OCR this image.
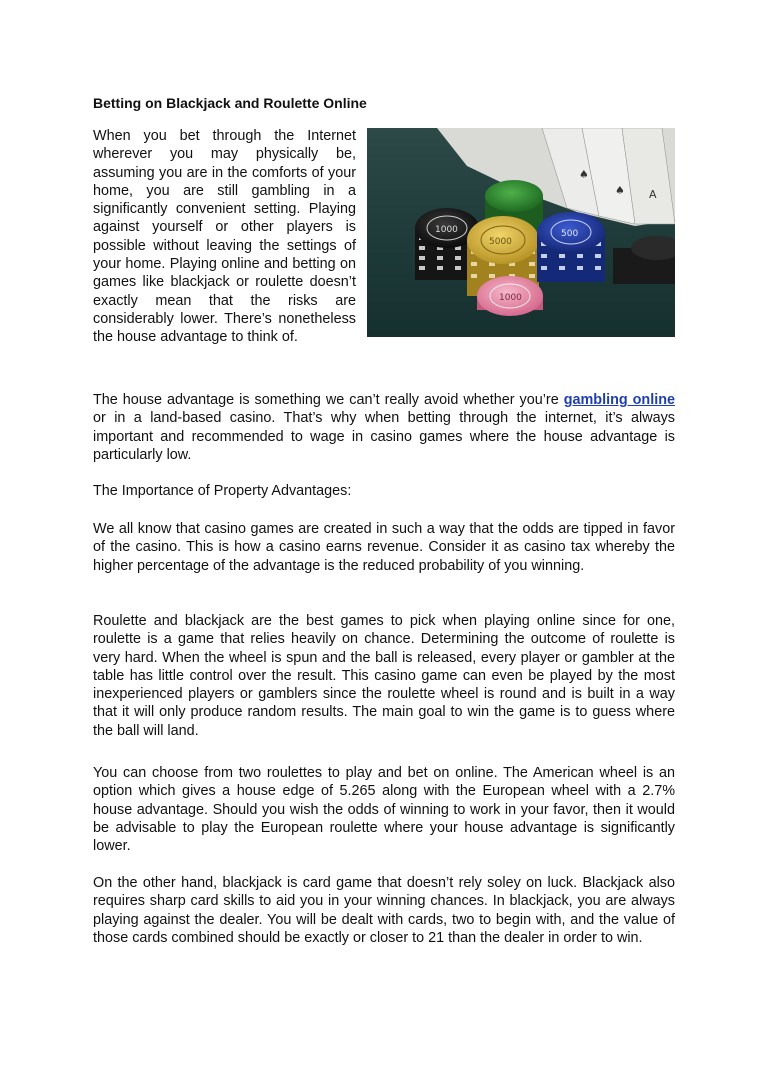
Betting on Blackjack and Roulette Online
When you bet through the Internet wherever you may physically be, assuming you are in the comforts of your home, you are still gambling in a significantly convenient setting. Playing against yourself or other players is possible without leaving the settings of your home. Playing online and betting on games like blackjack or roulette doesn’t exactly mean that the risks are considerably lower. There’s nonetheless the house advantage to think of.
♠
♠ A
1000
5000
500
1000
The house advantage is something we can’t really avoid whether you’re gambling online or in a land-based casino. That’s why when betting through the internet, it’s always important and recommended to wage in casino games where the house advantage is particularly low.
The Importance of Property Advantages:
We all know that casino games are created in such a way that the odds are tipped in favor of the casino. This is how a casino earns revenue. Consider it as casino tax whereby the higher percentage of the advantage is the reduced probability of you winning.
Roulette and blackjack are the best games to pick when playing online since for one, roulette is a game that relies heavily on chance. Determining the outcome of roulette is very hard. When the wheel is spun and the ball is released, every player or gambler at the table has little control over the result. This casino game can even be played by the most inexperienced players or gamblers since the roulette wheel is round and is built in a way that it will only produce random results. The main goal to win the game is to guess where the ball will land.
You can choose from two roulettes to play and bet on online. The American wheel is an option which gives a house edge of 5.265 along with the European wheel with a 2.7% house advantage. Should you wish the odds of winning to work in your favor, then it would be advisable to play the European roulette where your house advantage is significantly lower.
On the other hand, blackjack is card game that doesn’t rely soley on luck. Blackjack also requires sharp card skills to aid you in your winning chances. In blackjack, you are always playing against the dealer. You will be dealt with cards, two to begin with, and the value of those cards combined should be exactly or closer to 21 than the dealer in order to win.
